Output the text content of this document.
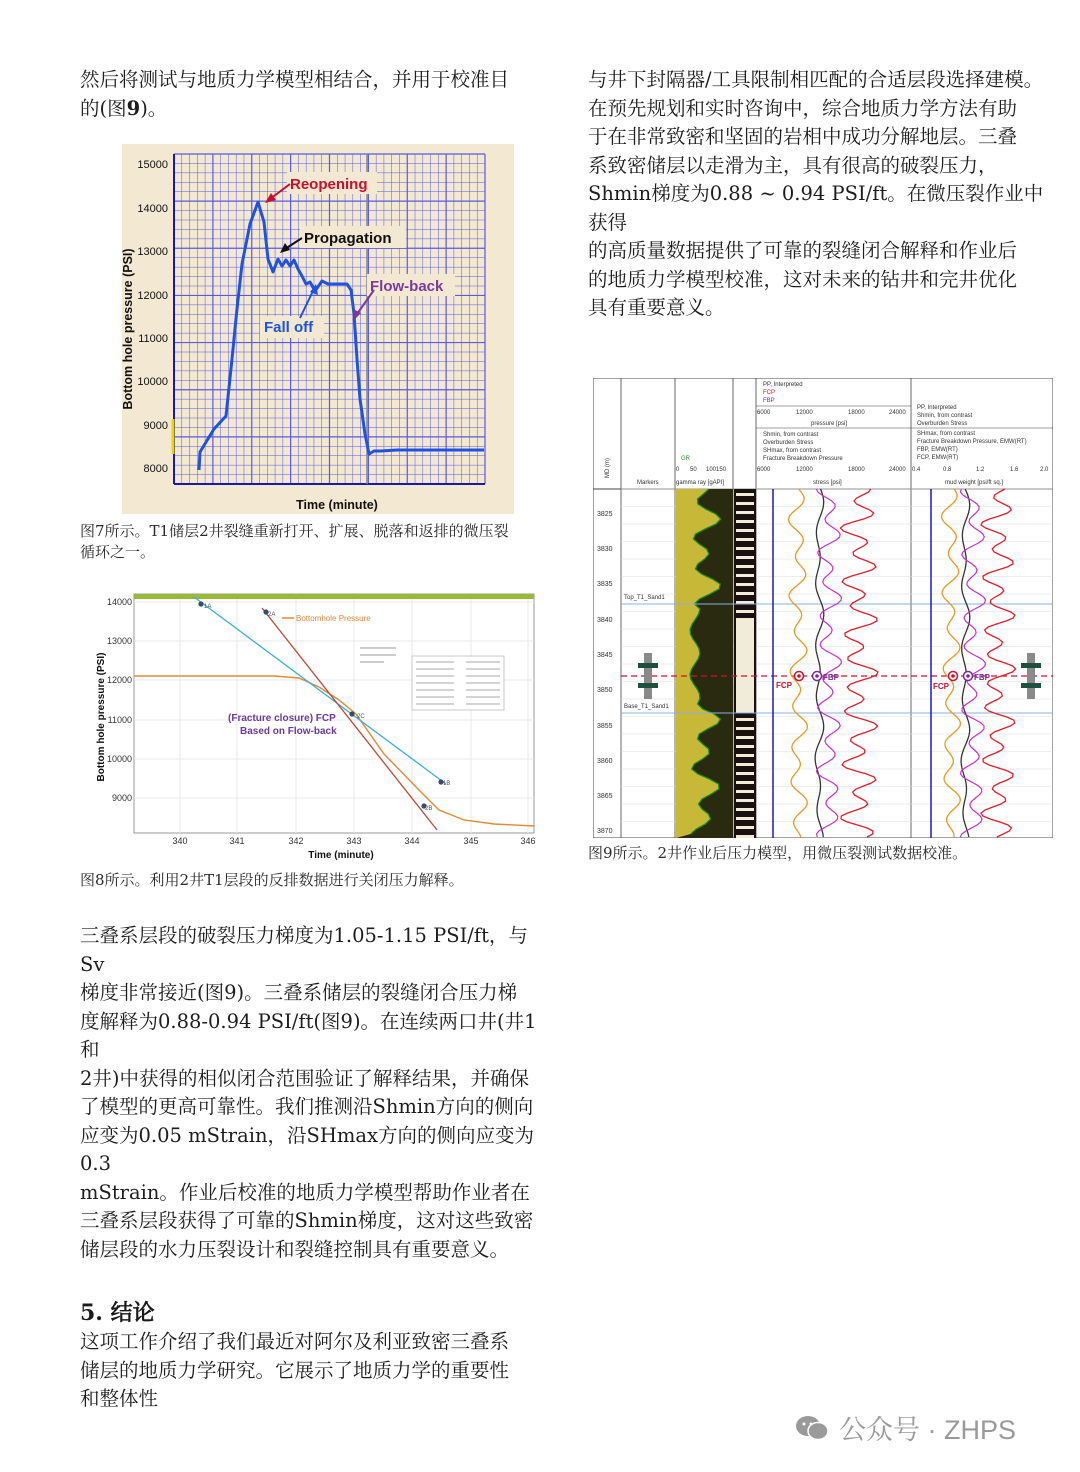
然后将测试与地质力学模型相结合，并用于校准目
的(图9)。

Bottom hole pressure (PSI)
Time (minute)
15000
14000
13000
12000
11000
10000
9000
8000
Reopening
Propagation
Flow-back
Fall off
图7所示。T1储层2井裂缝重新打开、扩展、脱落和返排的微压裂
循环之一。
Bottom hole pressure (PSI)
Time (minute)
14000
13000
12000
11000
10000
9000
340	341	342	343	344	345	346
Bottomhole Pressure
(Fracture closure) FCP
Based on Flow-back
1A
2A
2C
1B
2B
图8所示。利用2井T1层段的反排数据进行关闭压力解释。

三叠系层段的破裂压力梯度为1.05-1.15 PSI/ft，与Sv
梯度非常接近(图9)。三叠系储层的裂缝闭合压力梯
度解释为0.88-0.94 PSI/ft(图9)。在连续两口井(井1和
2井)中获得的相似闭合范围验证了解释结果，并确保
了模型的更高可靠性。我们推测沿Shmin方向的侧向
应变为0.05 mStrain，沿SHmax方向的侧向应变为0.3
mStrain。作业后校准的地质力学模型帮助作业者在
三叠系层段获得了可靠的Shmin梯度，这对这些致密
储层段的水力压裂设计和裂缝控制具有重要意义。

5. 结论

这项工作介绍了我们最近对阿尔及利亚致密三叠系
储层的地质力学研究。它展示了地质力学的重要性
和整体性

与井下封隔器/工具限制相匹配的合适层段选择建模。
在预先规划和实时咨询中，综合地质力学方法有助
于在非常致密和坚固的岩相中成功分解地层。三叠
系致密储层以走滑为主，具有很高的破裂压力，
Shmin梯度为0.88 ~ 0.94 PSI/ft。在微压裂作业中获得
的高质量数据提供了可靠的裂缝闭合解释和作业后
的地质力学模型校准，这对未来的钻井和完井优化
具有重要意义。

MD (m)
Markers
GR
0 50 100150
gamma ray [gAPI]
PP, Interpreted
FCP
FBP
6000	12000	18000	24000
pressure [psi]
Shmin, from contrast
Overburden Stress
SHmax, from contrast
Fracture Breakdown Pressure
6000	12000	18000	24000
stress [psi]
PP, Interpreted
Shmin, from contrast
Overburden Stress
SHmax, from contrast
Fracture Breakdown Pressure, EMW(RT)
FBP, EMW(RT)
FCP, EMW(RT)
0.4	0.8	1.2	1.6	2.0
mud weight [psi/ft sq.]
3825
3830
3835
3840
3845
3850
3855
3860
3865
3870
Top_T1_Sand1
Base_T1_Sand1
FCP
FBP
FCP
FBP
图9所示。2井作业后压力模型，用微压裂测试数据校准。
公众号 · ZHPS
